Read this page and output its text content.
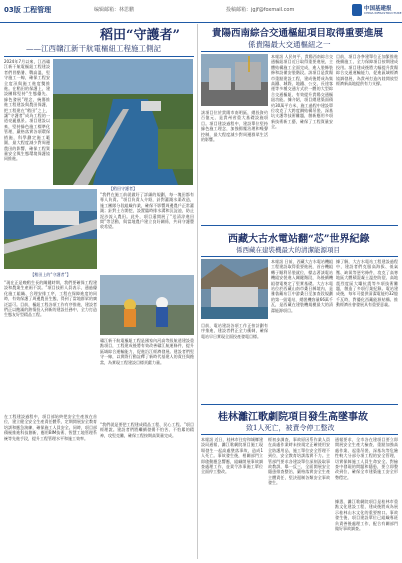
03版 工程管理	编辑邮箱：林思鹏	投稿邮箱：jgjf@foxmail.com	中国基建报
CHINA INFRASTRUCTURE
稻田“守護者”
——江西贛江新干航電樞紐工程施工側記
2024年7月以來，江西贛江新干航電樞紐工程建設者們冒酷暑、戰高溫，堅守施工一線，確保工程安全度汛與施工進度雙推進。在稻田的保護上，建設團隊堅持“生態優先、綠色發展”理念，統籌推進工程建設與農田保護，把工程建在“稻田”之上，讓“守護者”成為工程的一道亮麗風景。項目建設以來，堅持綠色施工標準化管理，嚴格落實各項環保措施，科學劃定施工範圍，最大程度減少對周邊農田的影響，確保工程質量安全與生態環境保護協同推進。
【稻田守護者】
“我們在施工前就做好了詳細的規劃，每一塊田都有專人負責。”項目負責人介紹，針對灌溉水渠改造，施工團隊分段組織作業，確保不影響周邊農戶正常灌溉；針對土方開挖，設置臨時排水溝和沉淀池，防止泥沙流入農田。此外，項目還開展了“送清涼進田間”等活動，與當地農戶建立良好關係，共同守護豐收希望。
【稻田上的“守護者”】
“現在正是晚稻生長的關鍵時期，我們要確保工程建設和農業生產兩不誤。”項目技術人員表示，通過優化施工組織、合理安排工序，工程在保障進度的同時，有效保護了周邊農田生態，得到了當地群眾的廣泛認可。目前，樞紐工程各項工作有序推進，建設者們正以飽滿的熱情投入到新的建設任務中，全力打造生態友好型精品工程。
贛江新干航電樞紐工程是國家內河高等級航道建設重點項目，工程建成後將有效改善贛江航運條件，提升區域綜合運輸能力，促進沿江經濟發展。建設者們堅守一線，以實際行動詮釋了新時代基建人的責任與擔當，為實現工程建設目標貢獻力量。
在工程建設過程中，項目部始終把安全生產放在首位，建立健全安全生產責任體系，定期開展安全教育培訓和應急演練，確保施工人員安全。同時，項目部積極推進科技創新，應用BIM技術、智慧工地管理系統等先進手段，提升工程管理水平和施工效率。
“我們就是要把工程建成精品工程、民心工程。”項目經理說。建設者們將繼續發揚不怕苦、不怕累的精神，攻堅克難，確保工程按期高質量完成。
貴陽西南綜合交通樞紐項目取得重要進展
係貴陽最大交通樞紐之一
本報訊 人民何平，貴陽西南綜合交通樞紐項目近日取得重要進展，主體結構施工全面完成，進入裝飾裝修和設備安裝階段。該項目是貴陽市重點建設工程，建成後將成為集高鐵、城際、地鐵、公交、長途客運等多種交通方式於一體的大型綜合交通樞紐，有效提升貴陽交通樞紐功能。據介紹，項目總建築面積約30萬平方米，施工過程中建設單位攻克了大跨度鋼結構吊裝、深基坑支護等技術難題，創新應用多項新技術新工藝，確保了工程質量安全。
目前，項目各參建單位正加緊推進後續施工，全力保障項目按期建成投用。項目建成後將大幅提升貴陽綜合交通運輸能力，促進區域經濟協調發展，為貴州打造內陸開放型經濟新高地提供有力支撐。
該項目位於貴陽市南明區，總投資約百億元，是貴州省重大基礎設施項目。項目建設過程中，建設單位堅持綠色施工理念，加強揚塵治理和噪聲控制，最大程度減少對周邊群眾生活的影響。
西藏大古水電站翻“芯”世界紀錄
係西藏在建裝機最大的清潔能源項目
本報訊 日前，西藏大古水電站機組工程建設取得重要進展，首台機組轉子順利吊裝就位，標志著該電站機組安裝進入關鍵階段，為後續機組發電奠定了堅實基礎。大古水電站位於西藏山南市桑日縣境內，是雅魯藏布江中游桑日至加查段規劃的第一級電站，總裝機容量66萬千瓦，是西藏在建裝機規模最大的清潔能源項目。
據了解，大古水電站工程建設過程中，建設者們克服高海拔、低氣壓、缺氧等惡劣條件，攻克了高寒地區大體積混凝土溫控防裂、高地震烈度區大壩抗震等多項技術難題，創造了多項行業紀錄。電站建成後，每年可提供清潔電能約32億千瓦時，對優化西藏能源結構、推動經濟社會發展具有重要意義。
目前，電站建設各項工作正按計劃有序推進，建設者們正全力衝刺，確保電站早日實現全面投產發電目標。
桂林灕江歌劇院項目發生高墜事故
致1人死亡，被責令停工整改
本報訊 近日，桂林市住房和城鄉建設局通報，灕江歌劇院項目施工現場發生一起高處墜落事故，造成1人死亡。事故發生後，相關部門立即啟動應急響應，組織開展事故調查處理工作，並責令涉事施工單位全面停工整改。
經初步調查，事故原因系作業人員在高處作業時未按規定正確使用安全防護用品，施工單位安全管理不到位，安全教育培訓落實不力。主管部門要求各建設單位深刻汲取事故教訓，舉一反三，全面開展安全隱患排查整治，嚴格落實安全生產主體責任，堅決遏制各類安全事故發生。
通報要求，全市各在建項目要立即開展安全生產大檢查，重點加強高處作業、起重吊裝、深基坑等危險性較大分部分項工程的安全管理，切實保障施工人員生命安全。對檢查中發現的問題和隱患，要立即整改到位，確保全市建築施工安全形勢穩定。
據悉，灕江歌劇院項目是桂林市重點文化建設工程，建成後將成為展示桂林山水文化的重要窗口。事故發生後，項目建設單位已組織專班負責善後處理工作，配合有關部門做好事故調查。
